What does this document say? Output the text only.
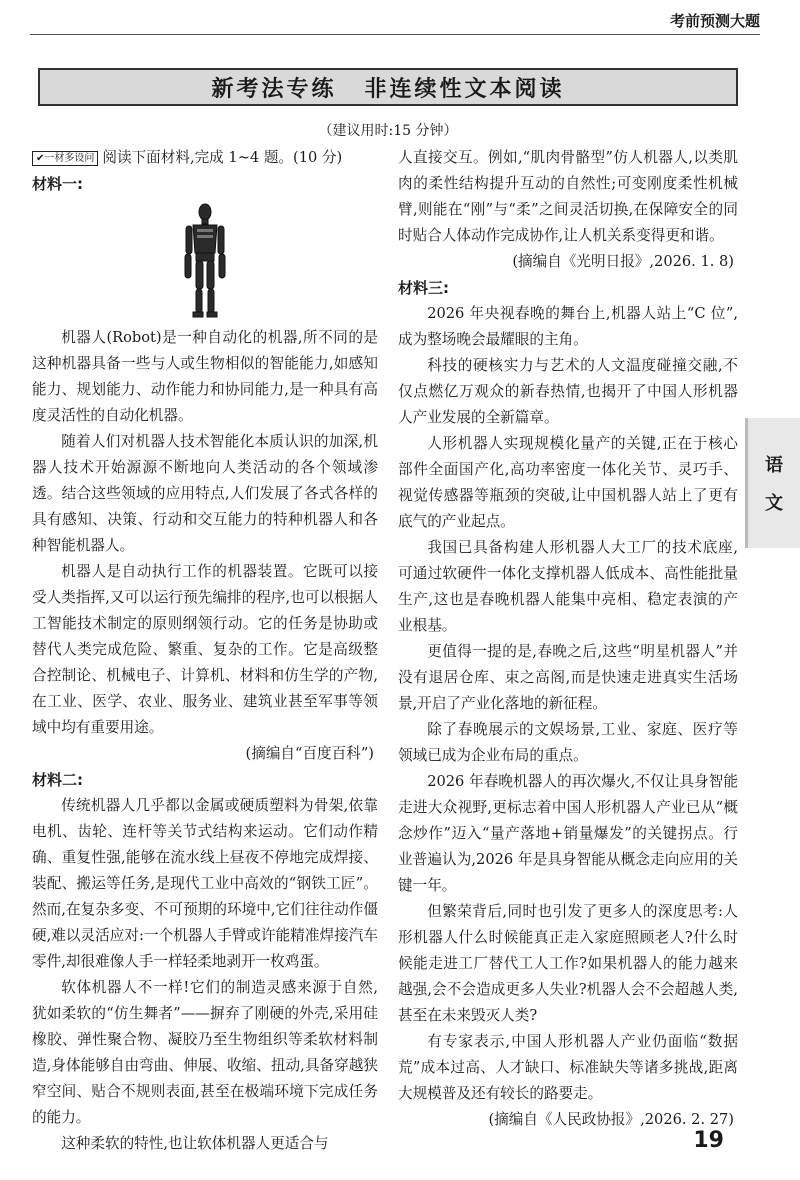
考前预测大题
新考法专练 非连续性文本阅读
（建议用时:15 分钟）

✔一材多设问 阅读下面材料,完成 1~4 题。(10 分)

材料一:

机器人(Robot)是一种自动化的机器,所不同的是这种机器具备一些与人或生物相似的智能能力,如感知能力、规划能力、动作能力和协同能力,是一种具有高度灵活性的自动化机器。

随着人们对机器人技术智能化本质认识的加深,机器人技术开始源源不断地向人类活动的各个领域渗透。结合这些领域的应用特点,人们发展了各式各样的具有感知、决策、行动和交互能力的特种机器人和各种智能机器人。

机器人是自动执行工作的机器装置。它既可以接受人类指挥,又可以运行预先编排的程序,也可以根据人工智能技术制定的原则纲领行动。它的任务是协助或替代人类完成危险、繁重、复杂的工作。它是高级整合控制论、机械电子、计算机、材料和仿生学的产物,在工业、医学、农业、服务业、建筑业甚至军事等领域中均有重要用途。

(摘编自“百度百科”)

材料二:

传统机器人几乎都以金属或硬质塑料为骨架,依靠电机、齿轮、连杆等关节式结构来运动。它们动作精确、重复性强,能够在流水线上昼夜不停地完成焊接、装配、搬运等任务,是现代工业中高效的“钢铁工匠”。然而,在复杂多变、不可预期的环境中,它们往往动作僵硬,难以灵活应对:一个机器人手臂或许能精准焊接汽车零件,却很难像人手一样轻柔地剥开一枚鸡蛋。

软体机器人不一样!它们的制造灵感来源于自然,犹如柔软的“仿生舞者”——摒弃了刚硬的外壳,采用硅橡胶、弹性聚合物、凝胶乃至生物组织等柔软材料制造,身体能够自由弯曲、伸展、收缩、扭动,具备穿越狭窄空间、贴合不规则表面,甚至在极端环境下完成任务的能力。

这种柔软的特性,也让软体机器人更适合与

人直接交互。例如,“肌肉骨骼型”仿人机器人,以类肌肉的柔性结构提升互动的自然性;可变刚度柔性机械臂,则能在“刚”与“柔”之间灵活切换,在保障安全的同时贴合人体动作完成协作,让人机关系变得更和谐。

(摘编自《光明日报》,2026. 1. 8)

材料三:

2026 年央视春晚的舞台上,机器人站上“C 位”,成为整场晚会最耀眼的主角。

科技的硬核实力与艺术的人文温度碰撞交融,不仅点燃亿万观众的新春热情,也揭开了中国人形机器人产业发展的全新篇章。

人形机器人实现规模化量产的关键,正在于核心部件全面国产化,高功率密度一体化关节、灵巧手、视觉传感器等瓶颈的突破,让中国机器人站上了更有底气的产业起点。

我国已具备构建人形机器人大工厂的技术底座,可通过软硬件一体化支撑机器人低成本、高性能批量生产,这也是春晚机器人能集中亮相、稳定表演的产业根基。

更值得一提的是,春晚之后,这些“明星机器人”并没有退居仓库、束之高阁,而是快速走进真实生活场景,开启了产业化落地的新征程。

除了春晚展示的文娱场景,工业、家庭、医疗等领域已成为企业布局的重点。

2026 年春晚机器人的再次爆火,不仅让具身智能走进大众视野,更标志着中国人形机器人产业已从“概念炒作”迈入“量产落地+销量爆发”的关键拐点。行业普遍认为,2026 年是具身智能从概念走向应用的关键一年。

但繁荣背后,同时也引发了更多人的深度思考:人形机器人什么时候能真正走入家庭照顾老人?什么时候能走进工厂替代工人工作?如果机器人的能力越来越强,会不会造成更多人失业?机器人会不会超越人类,甚至在未来毁灭人类?

有专家表示,中国人形机器人产业仍面临“数据荒”成本过高、人才缺口、标准缺失等诸多挑战,距离大规模普及还有较长的路要走。

(摘编自《人民政协报》,2026. 2. 27)

语
文
19
